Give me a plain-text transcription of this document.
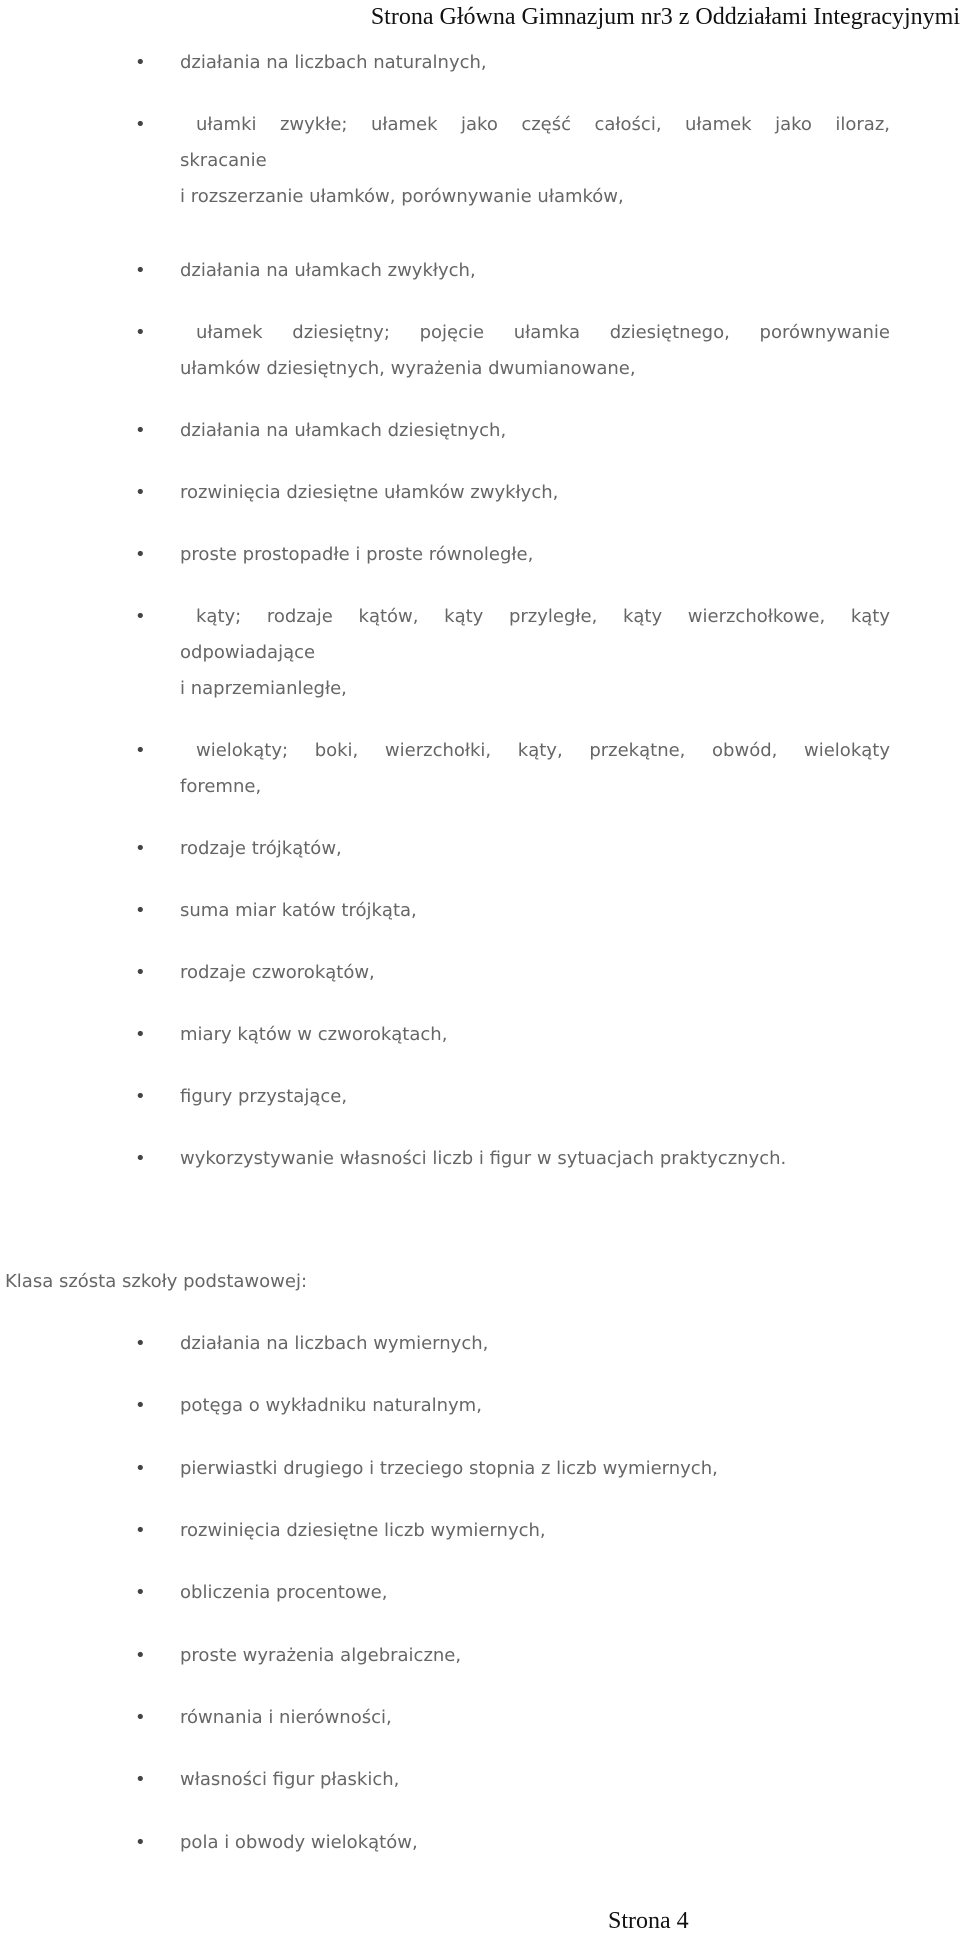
Strona Główna Gimnazjum nr3 z Oddziałami Integracyjnymi
• działania na liczbach naturalnych,

•	ułamki zwykłe; ułamek jako część całości, ułamek jako iloraz,
skracanie
i rozszerzanie ułamków, porównywanie ułamków,

• działania na ułamkach zwykłych,

•	ułamek dziesiętny; pojęcie ułamka dziesiętnego, porównywanie
ułamków dziesiętnych, wyrażenia dwumianowane,

• działania na ułamkach dziesiętnych,

• rozwinięcia dziesiętne ułamków zwykłych,

• proste prostopadłe i proste równoległe,

•	kąty; rodzaje kątów, kąty przyległe, kąty wierzchołkowe, kąty
odpowiadające
i naprzemianległe,

•	wielokąty; boki, wierzchołki, kąty, przekątne, obwód, wielokąty
foremne,

• rodzaje trójkątów,

• suma miar katów trójkąta,

• rodzaje czworokątów,

• miary kątów w czworokątach,

• figury przystające,

• wykorzystywanie własności liczb i figur w sytuacjach praktycznych.

Klasa szósta szkoły podstawowej:
• działania na liczbach wymiernych,

• potęga o wykładniku naturalnym,

• pierwiastki drugiego i trzeciego stopnia z liczb wymiernych,

• rozwinięcia dziesiętne liczb wymiernych,

• obliczenia procentowe,

• proste wyrażenia algebraiczne,

• równania i nierówności,

• własności figur płaskich,

• pola i obwody wielokątów,

Strona 4
